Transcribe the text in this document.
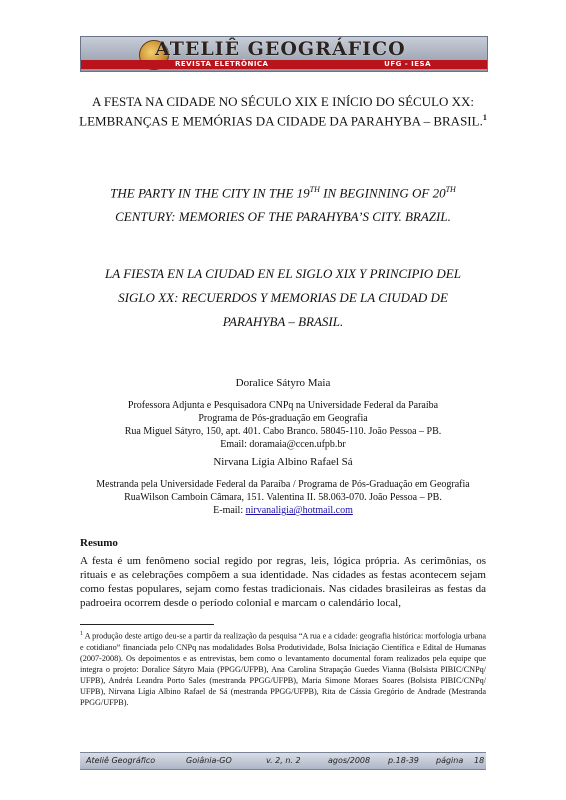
ATELIÊ GEOGRÁFICO
REVISTA ELETRÔNICA	UFG - IESA
A FESTA NA CIDADE NO SÉCULO XIX E INÍCIO DO SÉCULO XX: LEMBRANÇAS E MEMÓRIAS DA CIDADE DA PARAHYBA – BRASIL.$^1$
THE PARTY IN THE CITY IN THE 19TH IN BEGINNING OF 20TH
CENTURY: MEMORIES OF THE PARAHYBA’S CITY. BRAZIL.
LA FIESTA EN LA CIUDAD EN EL SIGLO XIX Y PRINCIPIO DEL
SIGLO XX: RECUERDOS Y MEMORIAS DE LA CIUDAD DE
PARAHYBA – BRASIL.
Doralice Sátyro Maia
Professora Adjunta e Pesquisadora CNPq na Universidade Federal da Paraíba
Programa de Pós-graduação em Geografia
Rua Miguel Sátyro, 150, apt. 401. Cabo Branco. 58045-110. João Pessoa – PB.
Email: doramaia@ccen.ufpb.br
Nirvana Lígia Albino Rafael Sá
Mestranda pela Universidade Federal da Paraíba / Programa de Pós-Graduação em Geografia
RuaWilson Camboin Câmara, 151. Valentina II. 58.063-070. João Pessoa – PB.
E-mail: nirvanaligia@hotmail.com
Resumo
A festa é um fenômeno social regido por regras, leis, lógica própria. As cerimônias, os rituais e as celebrações compõem a sua identidade. Nas cidades as festas acontecem sejam como festas populares, sejam como festas tradicionais. Nas cidades brasileiras as festas da padroeira ocorrem desde o período colonial e marcam o calendário local,
$^1$ A produção deste artigo deu-se a partir da realização da pesquisa “A rua e a cidade: geografia histórica: morfologia urbana e cotidiano” financiada pelo CNPq nas modalidades Bolsa Produtividade, Bolsa Iniciação Científica e Edital de Humanas (2007-2008). Os depoimentos e as entrevistas, bem como o levantamento documental foram realizados pela equipe que integra o projeto: Doralice Sátyro Maia (PPGG/UFPB), Ana Carolina Strapação Guedes Vianna (Bolsista PIBIC/CNPq/ UFPB), Andréa Leandra Porto Sales (mestranda PPGG/UFPB), Maria Simone Moraes Soares (Bolsista PIBIC/CNPq/ UFPB), Nirvana Lígia Albino Rafael de Sá (mestranda PPGG/UFPB), Rita de Cássia Gregório de Andrade (Mestranda PPGG/UFPB).
Ateliê Geográfico	Goiânia-GO	v. 2, n. 2	agos/2008 p.18-39 página 18
